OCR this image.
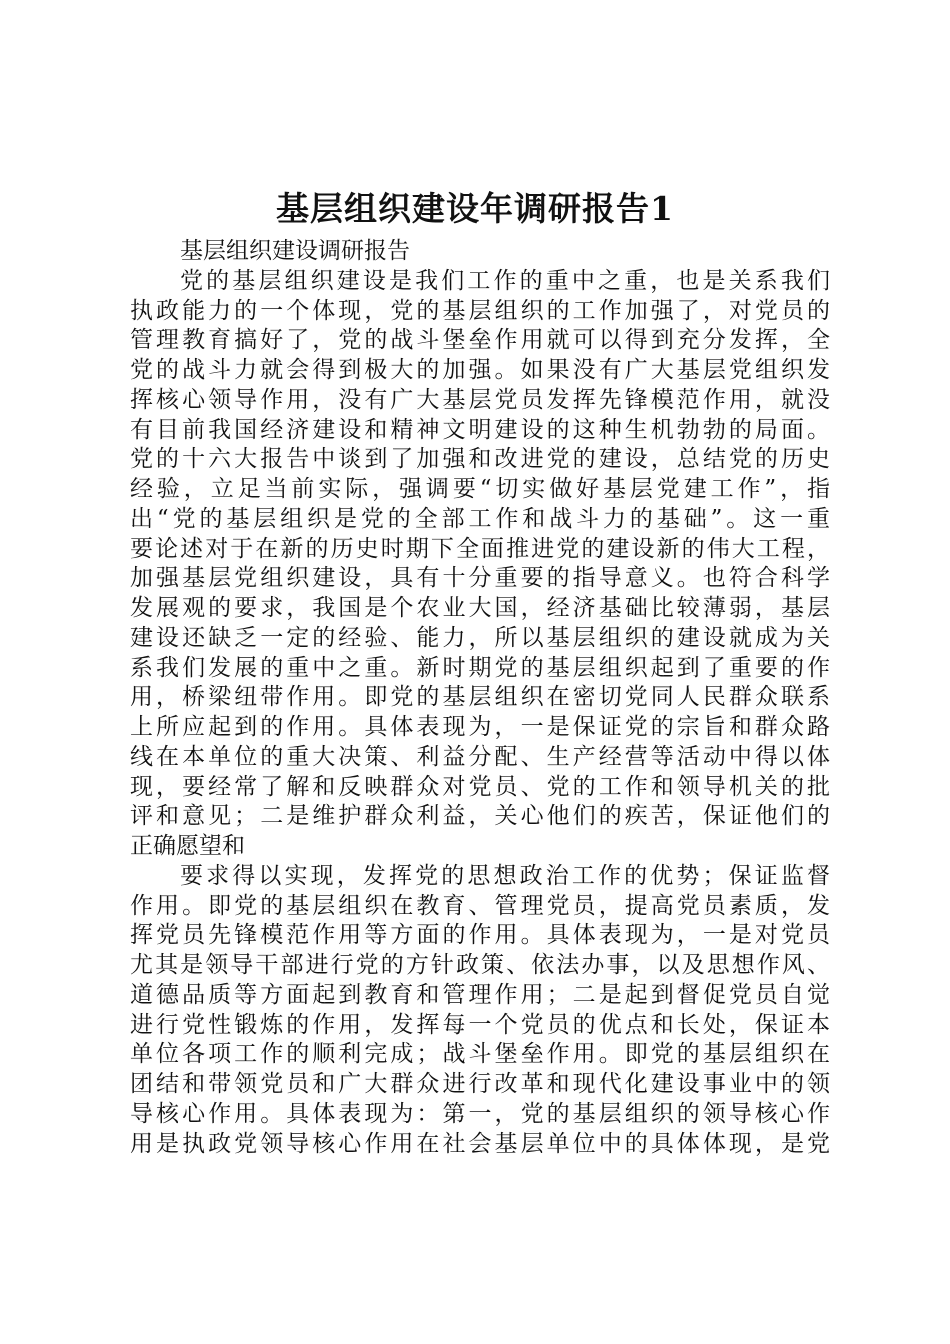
基层组织建设年调研报告1
基层组织建设调研报告
党的基层组织建设是我们工作的重中之重，也是关系我们
执政能力的一个体现，党的基层组织的工作加强了，对党员的
管理教育搞好了，党的战斗堡垒作用就可以得到充分发挥，全
党的战斗力就会得到极大的加强。如果没有广大基层党组织发
挥核心领导作用，没有广大基层党员发挥先锋模范作用，就没
有目前我国经济建设和精神文明建设的这种生机勃勃的局面。
党的十六大报告中谈到了加强和改进党的建设，总结党的历史
经验，立足当前实际，强调要“切实做好基层党建工作”，指
出“党的基层组织是党的全部工作和战斗力的基础”。这一重
要论述对于在新的历史时期下全面推进党的建设新的伟大工程，
加强基层党组织建设，具有十分重要的指导意义。也符合科学
发展观的要求，我国是个农业大国，经济基础比较薄弱，基层
建设还缺乏一定的经验、能力，所以基层组织的建设就成为关
系我们发展的重中之重。新时期党的基层组织起到了重要的作
用，桥梁纽带作用。即党的基层组织在密切党同人民群众联系
上所应起到的作用。具体表现为，一是保证党的宗旨和群众路
线在本单位的重大决策、利益分配、生产经营等活动中得以体
现，要经常了解和反映群众对党员、党的工作和领导机关的批
评和意见；二是维护群众利益，关心他们的疾苦，保证他们的
正确愿望和
要求得以实现，发挥党的思想政治工作的优势；保证监督
作用。即党的基层组织在教育、管理党员，提高党员素质，发
挥党员先锋模范作用等方面的作用。具体表现为，一是对党员
尤其是领导干部进行党的方针政策、依法办事，以及思想作风、
道德品质等方面起到教育和管理作用；二是起到督促党员自觉
进行党性锻炼的作用，发挥每一个党员的优点和长处，保证本
单位各项工作的顺利完成；战斗堡垒作用。即党的基层组织在
团结和带领党员和广大群众进行改革和现代化建设事业中的领
导核心作用。具体表现为：第一，党的基层组织的领导核心作
用是执政党领导核心作用在社会基层单位中的具体体现，是党
